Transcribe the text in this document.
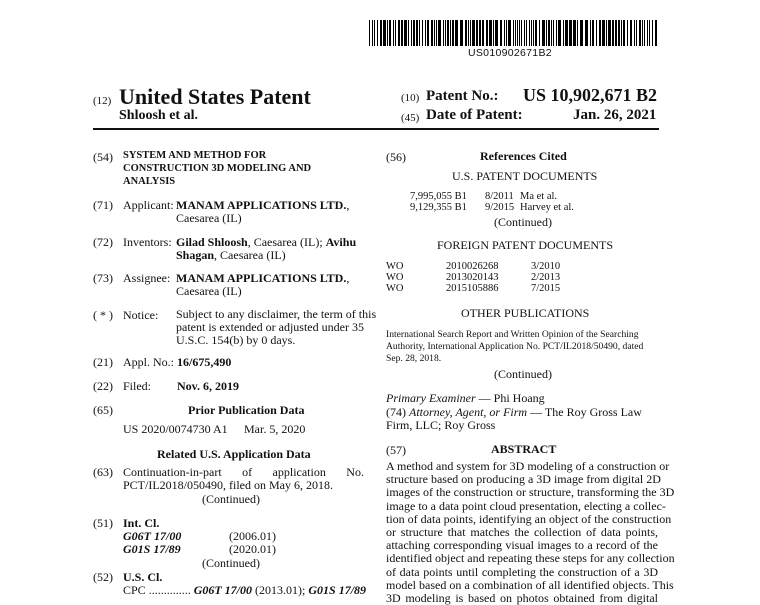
US010902671B2
(12) United States Patent
Shloosh et al.
(10) Patent No.: US 10,902,671 B2
(45) Date of Patent:	Jan. 26, 2021
(54) SYSTEM AND METHOD FOR
CONSTRUCTION 3D MODELING AND
ANALYSIS
(71) Applicant: MANAM APPLICATIONS LTD.,
Caesarea (IL)
(72) Inventors: Gilad Shloosh, Caesarea (IL); Avihu
Shagan, Caesarea (IL)
(73) Assignee: MANAM APPLICATIONS LTD.,
Caesarea (IL)
( * ) Notice: Subject to any disclaimer, the term of this
patent is extended or adjusted under 35
U.S.C. 154(b) by 0 days.
(21) Appl. No.: 16/675,490
(22) Filed: Nov. 6, 2019
(65)	Prior Publication Data
US 2020/0074730 A1 Mar. 5, 2020
Related U.S. Application Data
(63) Continuation-in-part of application No.
PCT/IL2018/050490, filed on May 6, 2018.
(Continued)
(51) Int. Cl.
G06T 17/00	(2006.01)
G01S 17/89	(2020.01)
(Continued)
(52) U.S. Cl.
CPC .............. G06T 17/00 (2013.01); G01S 17/89
(56)	References Cited
U.S. PATENT DOCUMENTS
7,995,055 B1 8/2011 Ma et al.
9,129,355 B1 9/2015 Harvey et al.
(Continued)
FOREIGN PATENT DOCUMENTS
WO	2010026268	3/2010
WO	2013020143	2/2013
WO	2015105886	7/2015
OTHER PUBLICATIONS
International Search Report and Written Opinion of the Searching
Authority, International Application No. PCT/IL2018/50490, dated
Sep. 28, 2018.
(Continued)
Primary Examiner — Phi Hoang
(74) Attorney, Agent, or Firm — The Roy Gross Law
Firm, LLC; Roy Gross
(57)	ABSTRACT
A method and system for 3D modeling of a construction or
structure based on producing a 3D image from digital 2D
images of the construction or structure, transforming the 3D
image to a data point cloud presentation, electing a collec-
tion of data points, identifying an object of the construction
or structure that matches the collection of data points,
attaching corresponding visual images to a record of the
identified object and repeating these steps for any collection
of data points until completing the construction of a 3D
model based on a combination of all identified objects. This
3D modeling is based on photos obtained from digital
